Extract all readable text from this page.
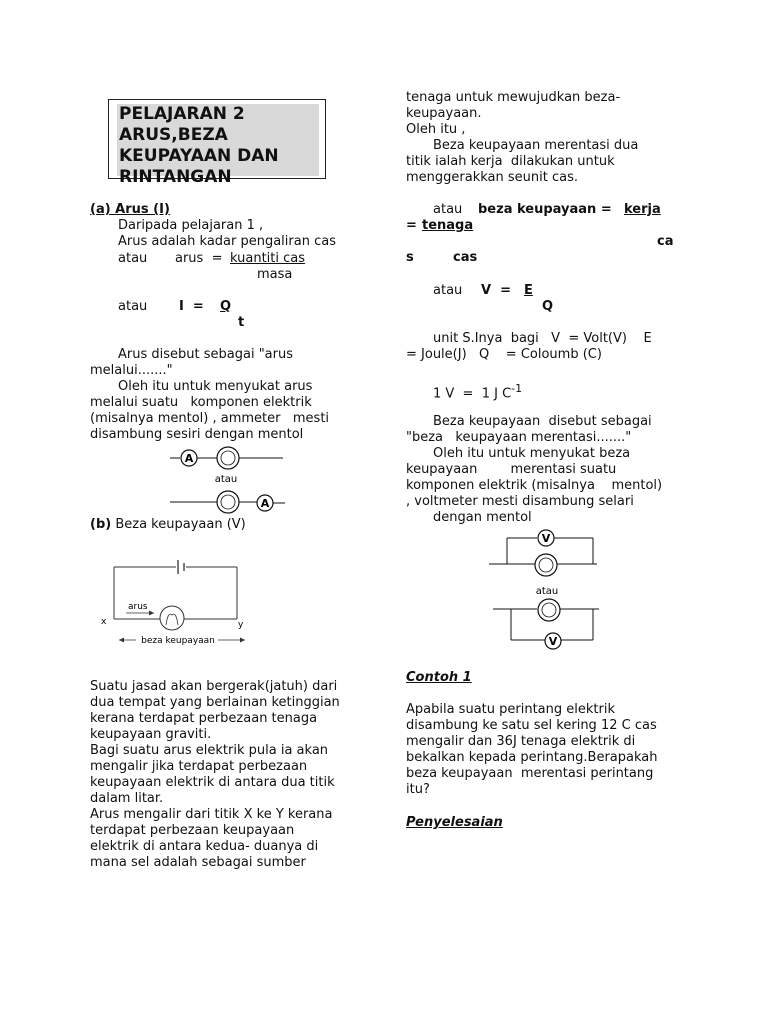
PELAJARAN 2
ARUS,BEZA
KEUPAYAAN DAN
RINTANGAN
(a) Arus (I)
Daripada pelajaran 1 ,
Arus adalah kadar pengaliran cas
atau arus  = kuantiti cas
masa
atau I  = Q
t
Arus disebut sebagai "arus
melalui......."
Oleh itu untuk menyukat arus
melalui suatu   komponen elektrik
(misalnya mentol) , ammeter   mesti
disambung sesiri dengan mentol
(b) Beza keupayaan (V)
Suatu jasad akan bergerak(jatuh) dari
dua tempat yang berlainan ketinggian
kerana terdapat perbezaan tenaga
keupayaan graviti.
Bagi suatu arus elektrik pula ia akan
mengalir jika terdapat perbezaan
keupayaan elektrik di antara dua titik
dalam litar.
Arus mengalir dari titik X ke Y kerana
terdapat perbezaan keupayaan
elektrik di antara kedua- duanya di
mana sel adalah sebagai sumber
A
atau
A
arus
x	y
beza keupayaan
tenaga untuk mewujudkan beza-
keupayaan.
Oleh itu ,
Beza keupayaan merentasi dua
titik ialah kerja  dilakukan untuk
menggerakkan seunit cas.
atau beza keupayaan = kerja
= tenaga
ca
s	cas
atau V  = E
Q
unit S.Inya  bagi   V  = Volt(V)    E
= Joule(J)   Q    = Coloumb (C)
1 V  =  1 J $C^{-1}$
Beza keupayaan  disebut sebagai
"beza   keupayaan merentasi......."
Oleh itu untuk menyukat beza
keupayaan        merentasi suatu
komponen elektrik (misalnya    mentol)
, voltmeter mesti disambung selari
dengan mentol
Contoh 1
Apabila suatu perintang elektrik
disambung ke satu sel kering 12 C cas
mengalir dan 36J tenaga elektrik di
bekalkan kepada perintang.Berapakah
beza keupayaan  merentasi perintang
itu?
Penyelesaian
V
atau
V
